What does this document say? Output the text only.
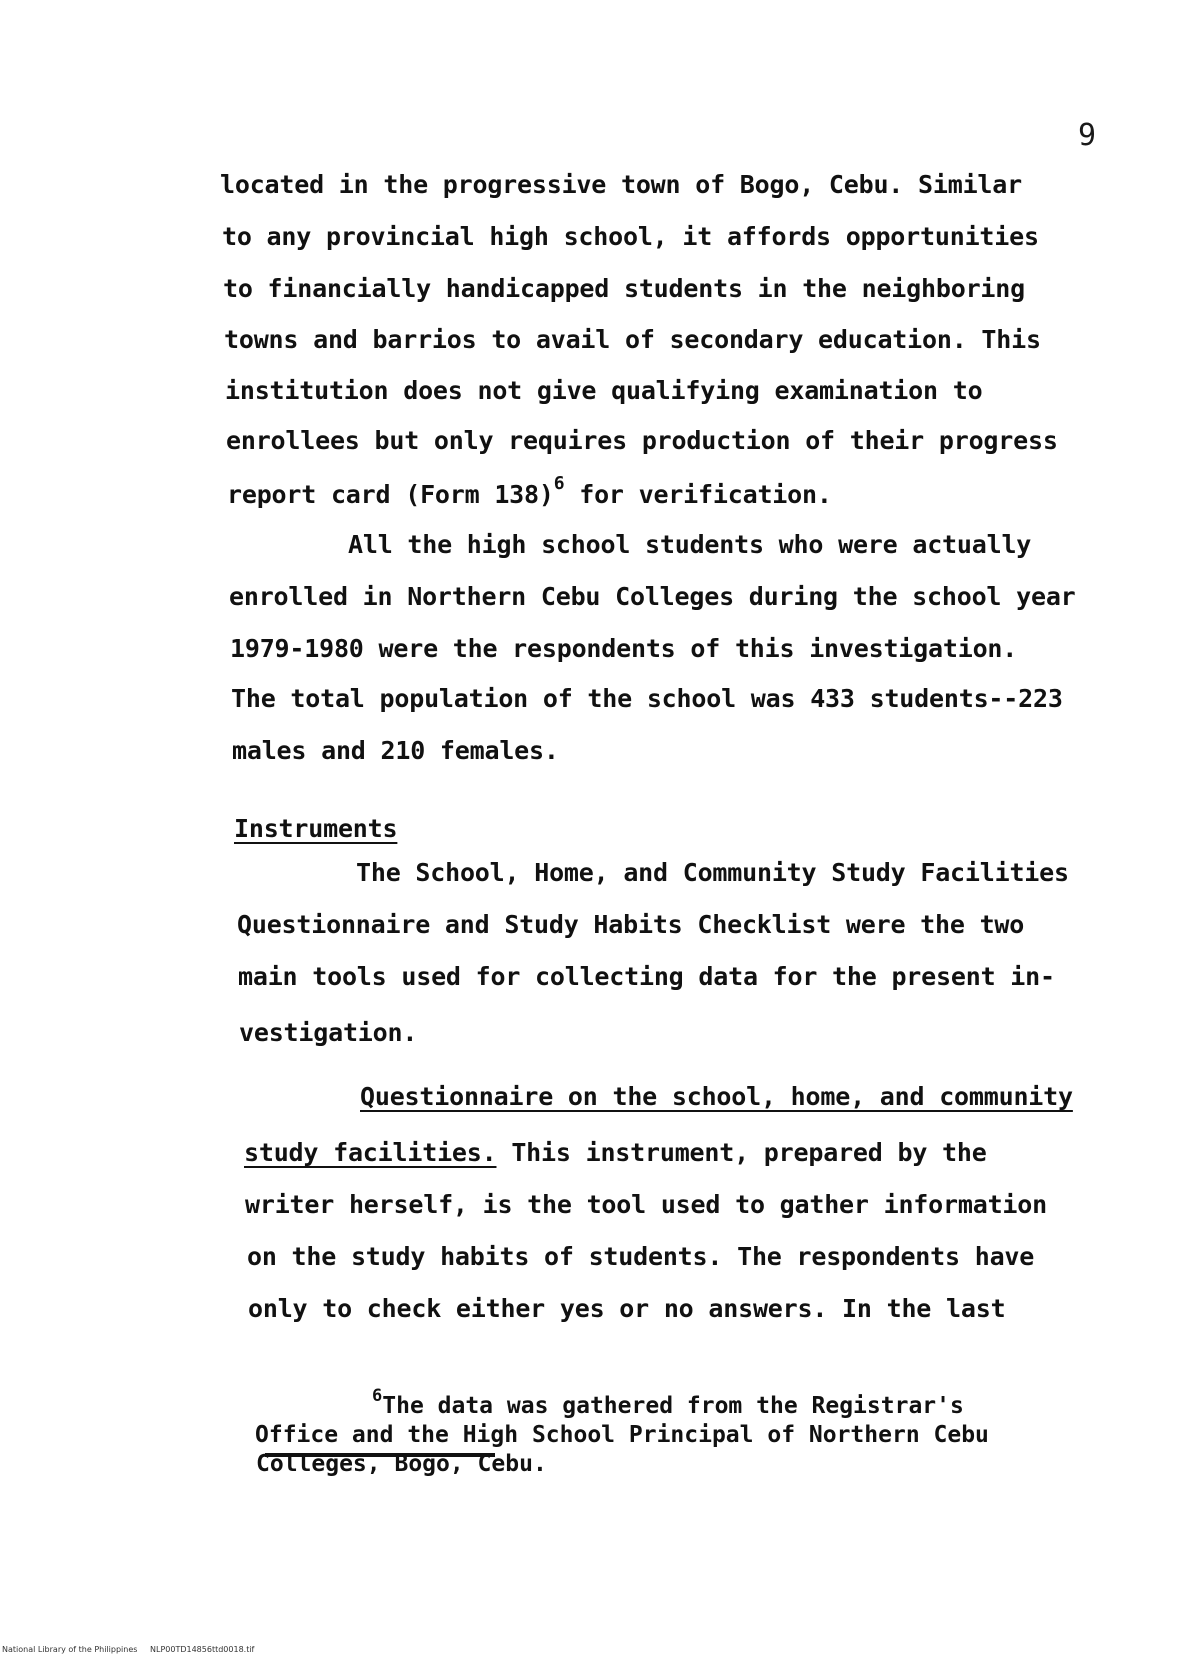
9
located in the progressive town of Bogo, Cebu. Similar
to any provincial high school, it affords opportunities
to financially handicapped students in the neighboring
towns and barrios to avail of secondary education. This
institution does not give qualifying examination to
enrollees but only requires production of their progress
report card (Form 138)$^6$ for verification.
All the high school students who were actually
enrolled in Northern Cebu Colleges during the school year
1979-1980 were the respondents of this investigation.
The total population of the school was 433 students--223
males and 210 females.
Instruments
The School, Home, and Community Study Facilities
Questionnaire and Study Habits Checklist were the two
main tools used for collecting data for the present in-
vestigation.
Questionnaire on the school, home, and community
study facilities. This instrument, prepared by the
writer herself, is the tool used to gather information
on the study habits of students. The respondents have
only to check either yes or no answers. In the last
$^6$The data was gathered from the Registrar's
Office and the High School Principal of Northern Cebu
Colleges, Bogo, Cebu.
National Library of the Philippines NLP00TD14856ttd0018.tif
